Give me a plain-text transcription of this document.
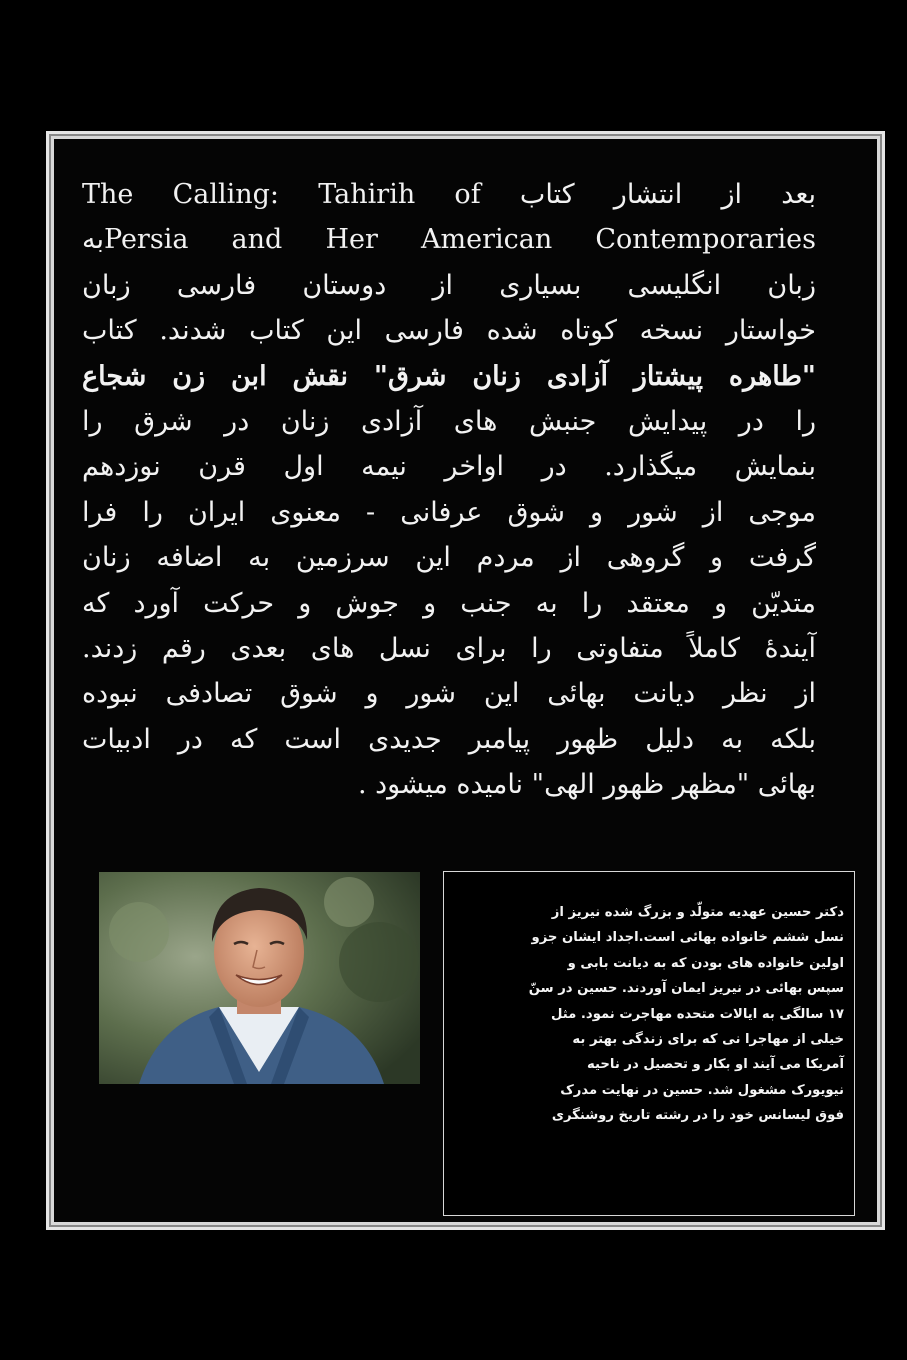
بعد از انتشار کتاب The Calling: Tahirih of
Persia and Her American Contemporariesبه
زبان انگلیسی بسیاری از دوستان فارسی زبان
خواستار نسخه کوتاه شده فارسی این کتاب شدند. کتاب
"طاهره پیشتاز آزادی زنان شرق" نقش ابن زن شجاع
را در پیدایش جنبش های آزادی زنان در شرق را
بنمایش میگذارد. در اواخر نیمه اول قرن نوزدهم
موجی از شور و شوق عرفانی - معنوی ایران را فرا
گرفت و گروهی از مردم این سرزمین به اضافه زنان
متديّن و معتقد را به جنب و جوش و حرکت آورد که
آیندۀ کاملاً متفاوتی را برای نسل های بعدی رقم زدند.
از نظر دیانت بهائی این شور و شوق تصادفی نبوده
بلکه به دلیل ظهور پیامبر جدیدی است که در ادبیات
بهائی "مظهر ظهور الهی" نامیده میشود .
دکتر حسین عهدیه متولّد و بزرگ شده نیریز از
نسل ششم خانواده بهائی است.اجداد ایشان جزو
اولین خانواده های بودن که به دیانت بابی و
سپس بهائی در نیریز ایمان آوردند. حسین در سنّ
۱۷ سالگی به ایالات متحده مهاجرت نمود. مثل
خیلی از مهاجرا نی که برای زندگی بهتر به
آمریکا می آیند او بکار و تحصیل در ناحیه
نیویورک مشغول شد. حسین در نهایت مدرک
فوق لیسانس خود را در رشته تاریخ روشنگری
